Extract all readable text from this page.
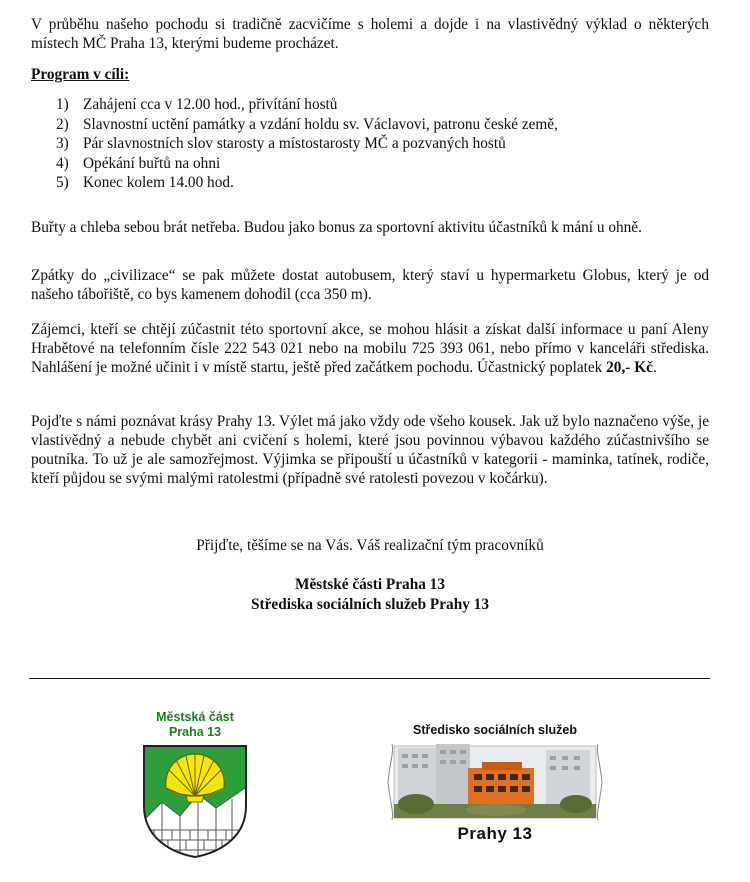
V průběhu našeho pochodu si tradičně zacvičíme s holemi a dojde i na vlastivědný výklad o některých místech MČ Praha 13, kterými budeme procházet.

Program v cíli:
1) Zahájení cca v 12.00 hod., přivítání hostů
2) Slavnostní uctění památky a vzdání holdu sv. Václavovi, patronu české země,
3) Pár slavnostních slov starosty a místostarosty MČ a pozvaných hostů
4) Opékání buřtů na ohni
5) Konec kolem 14.00 hod.

Buřty a chleba sebou brát netřeba. Budou jako bonus za sportovní aktivitu účastníků k mání u ohně.

Zpátky do „civilizace“ se pak můžete dostat autobusem, který staví u hypermarketu Globus, který je od našeho tábořiště, co bys kamenem dohodil (cca 350 m).

Zájemci, kteří se chtějí zúčastnit této sportovní akce, se mohou hlásit a získat další informace u paní Aleny Hrabětové na telefonním čísle 222 543 021 nebo na mobilu 725 393 061, nebo přímo v kanceláři střediska. Nahlášení je možné učinit i v místě startu, ještě před začátkem pochodu. Účastnický poplatek 20,- Kč.

Pojďte s námi poznávat krásy Prahy 13. Výlet má jako vždy ode všeho kousek. Jak už bylo naznačeno výše, je vlastivědný a nebude chybět ani cvičení s holemi, které jsou povinnou výbavou každého zúčastnivšího se poutníka. To už je ale samozřejmost. Výjimka se připouští u účastníků v kategorii - maminka, tatínek, rodiče, kteří půjdou se svými malými ratolestmi (případně své ratolesti povezou v kočárku).

Přijďte, těšíme se na Vás. Váš realizační tým pracovníků
Městské části Praha 13
Střediska sociálních služeb Prahy 13
Městská část
Praha 13	Středisko sociálních služeb
Prahy 13
